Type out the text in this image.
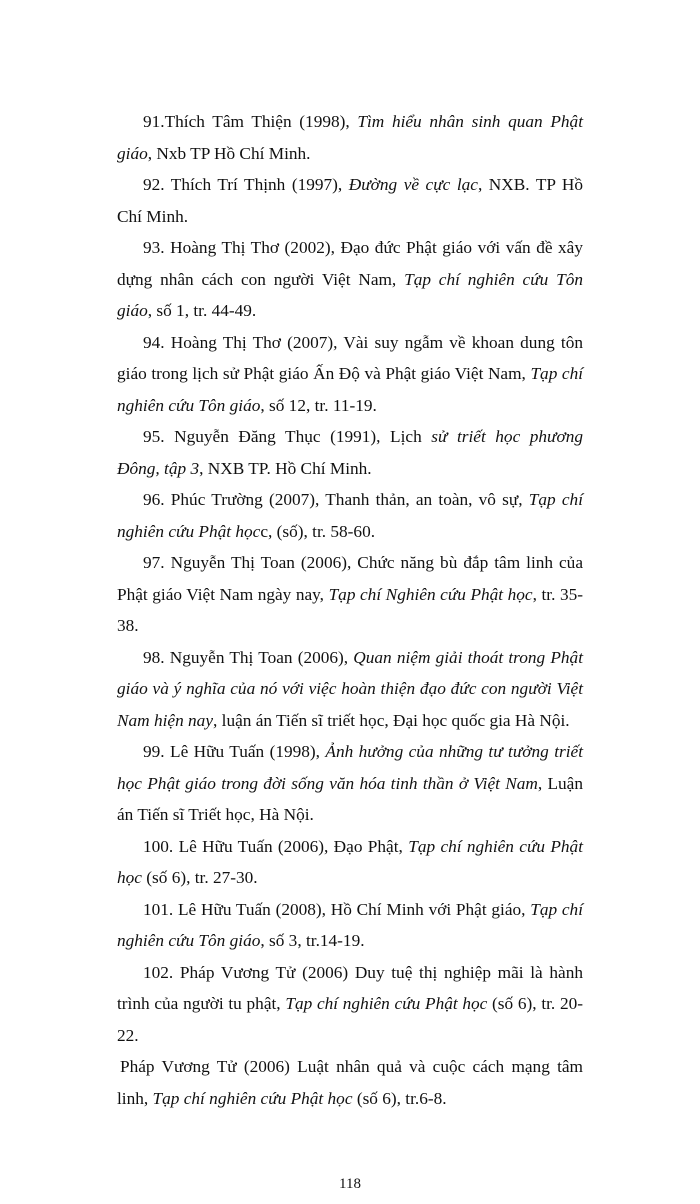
91.Thích Tâm Thiện (1998), Tìm hiểu nhân sinh quan Phật giáo, Nxb TP Hồ Chí Minh.

92. Thích Trí Thịnh (1997), Đường về cực lạc, NXB. TP Hồ Chí Minh.

93. Hoàng Thị Thơ (2002), Đạo đức Phật giáo với vấn đề xây dựng nhân cách con người Việt Nam, Tạp chí nghiên cứu Tôn giáo, số 1, tr. 44-49.

94. Hoàng Thị Thơ (2007), Vài suy ngẫm về khoan dung tôn giáo trong lịch sử Phật giáo Ấn Độ và Phật giáo Việt Nam, Tạp chí nghiên cứu Tôn giáo, số 12, tr. 11-19.

95. Nguyễn Đăng Thục (1991), Lịch sử triết học phương Đông, tập 3, NXB TP. Hồ Chí Minh.

96. Phúc Trường (2007), Thanh thản, an toàn, vô sự, Tạp chí nghiên cứu Phật họcc, (số), tr. 58-60.

97. Nguyễn Thị Toan (2006), Chức năng bù đắp tâm linh của Phật giáo Việt Nam ngày nay, Tạp chí Nghiên cứu Phật học, tr. 35-38.

98. Nguyễn Thị Toan (2006), Quan niệm giải thoát trong Phật giáo và ý nghĩa của nó với việc hoàn thiện đạo đức con người Việt Nam hiện nay, luận án Tiến sĩ triết học, Đại học quốc gia Hà Nội.

99. Lê Hữu Tuấn (1998), Ảnh hưởng của những tư tưởng triết học Phật giáo trong đời sống văn hóa tinh thần ở Việt Nam, Luận án Tiến sĩ Triết học, Hà Nội.

100. Lê Hữu Tuấn (2006), Đạo Phật, Tạp chí nghiên cứu Phật học (số 6), tr. 27-30.

101. Lê Hữu Tuấn (2008), Hồ Chí Minh với Phật giáo, Tạp chí nghiên cứu Tôn giáo, số 3, tr.14-19.

102. Pháp Vương Tử (2006) Duy tuệ thị nghiệp mãi là hành trình của người tu phật, Tạp chí nghiên cứu Phật học (số 6), tr. 20-22.

Pháp Vương Tử (2006) Luật nhân quả và cuộc cách mạng tâm linh, Tạp chí nghiên cứu Phật học (số 6), tr.6-8.

118
